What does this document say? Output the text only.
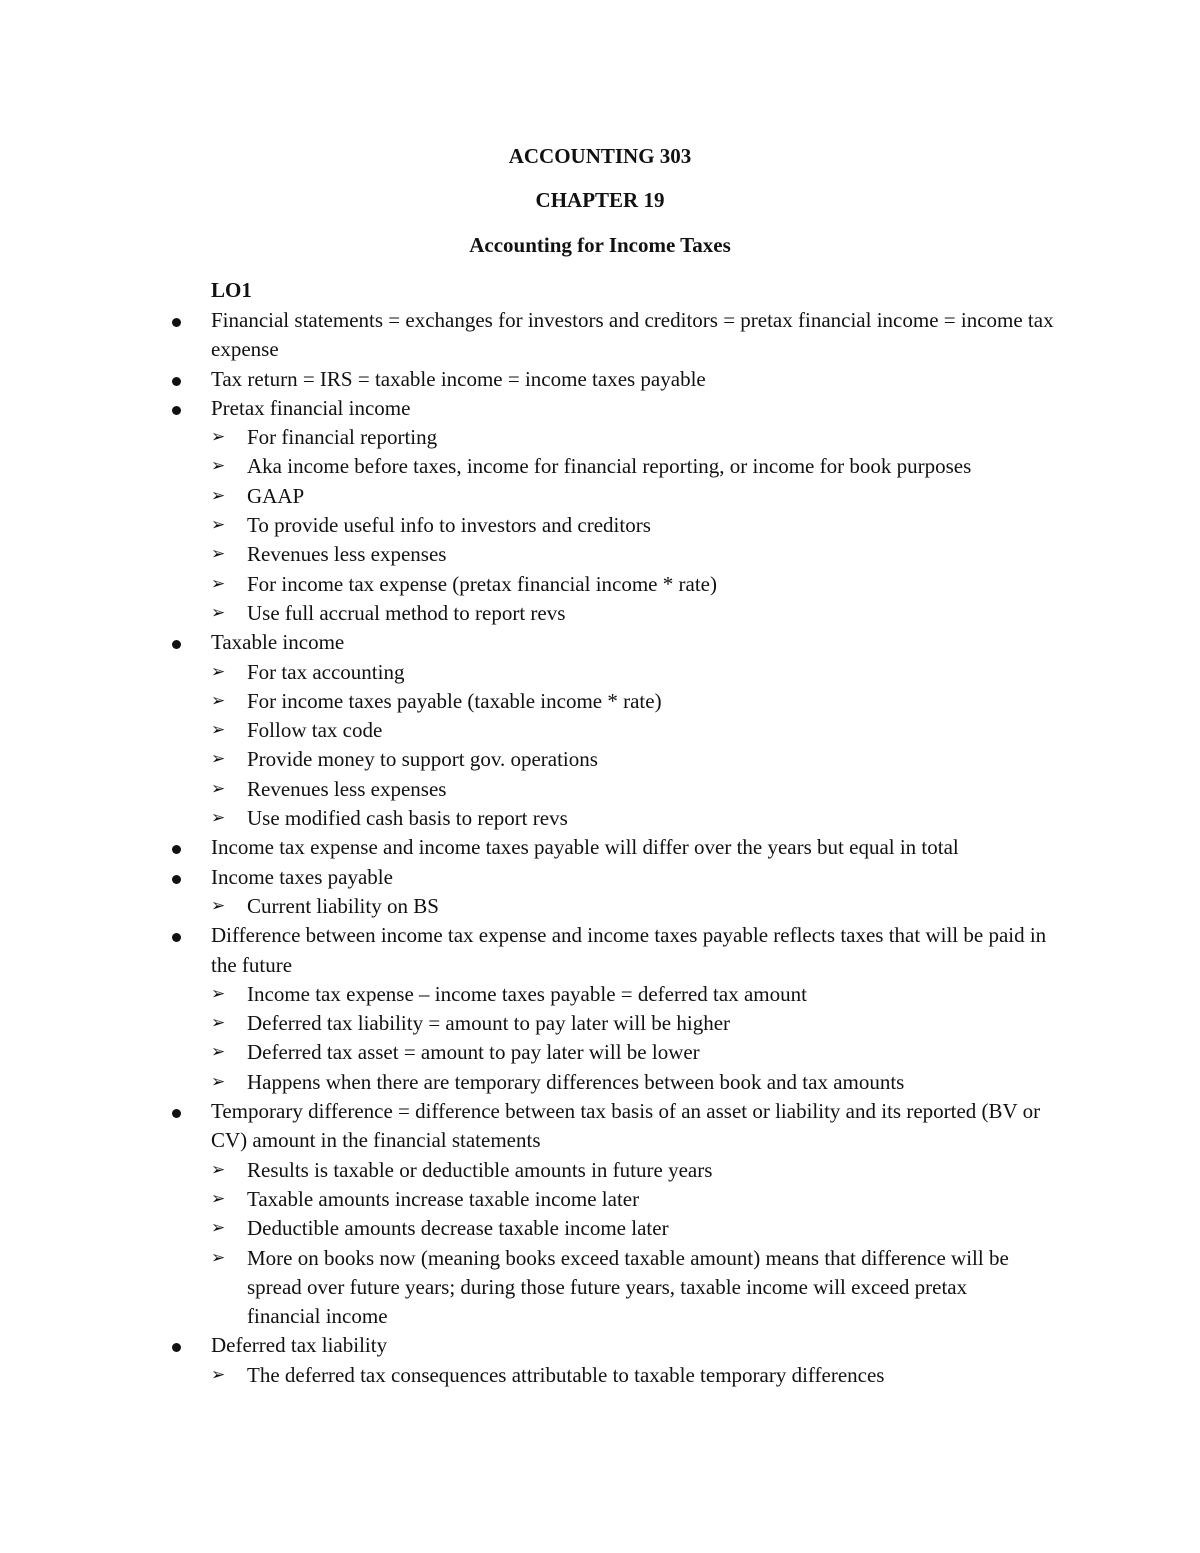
ACCOUNTING 303
CHAPTER 19
Accounting for Income Taxes
LO1
Financial statements = exchanges for investors and creditors = pretax financial income = income tax expense
Tax return = IRS = taxable income = income taxes payable
Pretax financial income
➢ For financial reporting
➢ Aka income before taxes, income for financial reporting, or income for book purposes
➢ GAAP
➢ To provide useful info to investors and creditors
➢ Revenues less expenses
➢ For income tax expense (pretax financial income * rate)
➢ Use full accrual method to report revs
Taxable income
➢ For tax accounting
➢ For income taxes payable (taxable income * rate)
➢ Follow tax code
➢ Provide money to support gov. operations
➢ Revenues less expenses
➢ Use modified cash basis to report revs
Income tax expense and income taxes payable will differ over the years but equal in total
Income taxes payable
➢ Current liability on BS
Difference between income tax expense and income taxes payable reflects taxes that will be paid in the future
➢ Income tax expense – income taxes payable = deferred tax amount
➢ Deferred tax liability = amount to pay later will be higher
➢ Deferred tax asset = amount to pay later will be lower
➢ Happens when there are temporary differences between book and tax amounts
Temporary difference = difference between tax basis of an asset or liability and its reported (BV or CV) amount in the financial statements
➢ Results is taxable or deductible amounts in future years
➢ Taxable amounts increase taxable income later
➢ Deductible amounts decrease taxable income later
➢ More on books now (meaning books exceed taxable amount) means that difference will be spread over future years; during those future years, taxable income will exceed pretax financial income
Deferred tax liability
➢ The deferred tax consequences attributable to taxable temporary differences
